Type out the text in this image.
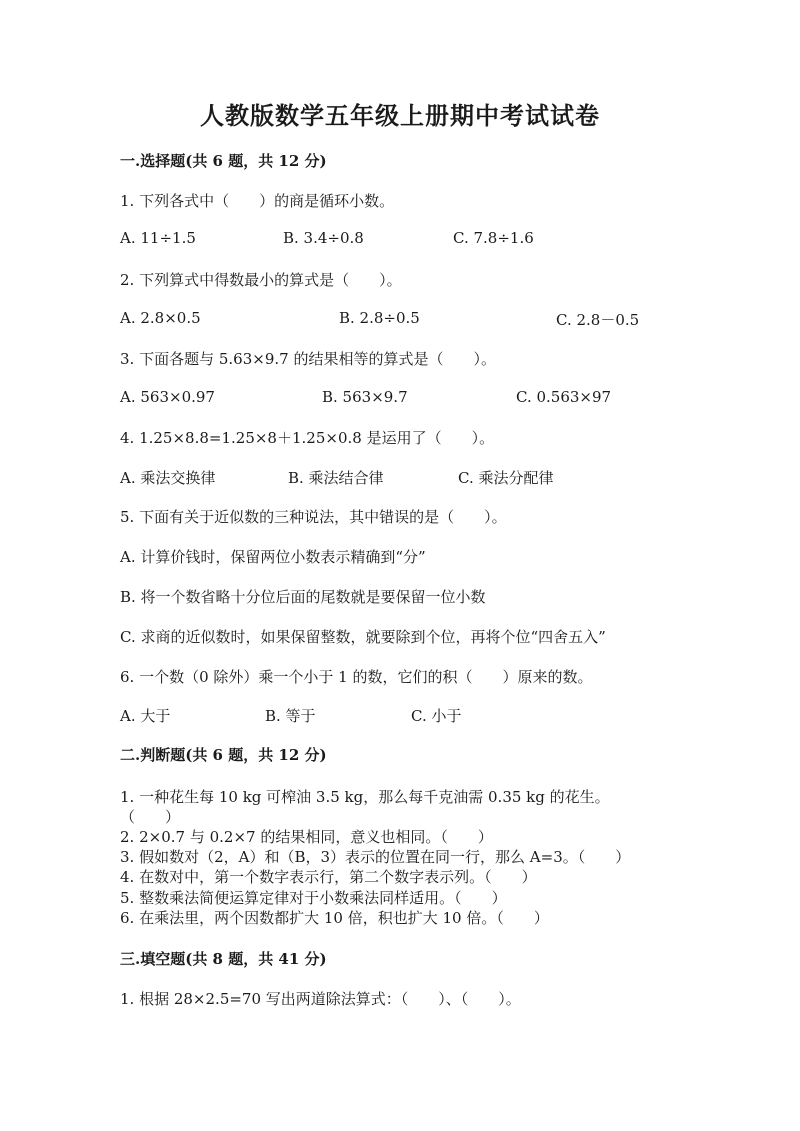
人教版数学五年级上册期中考试试卷
一.选择题(共 6 题，共 12 分)
1. 下列各式中（　　）的商是循环小数。
A. 11÷1.5	B. 3.4÷0.8	C. 7.8÷1.6
2. 下列算式中得数最小的算式是（　　）。
A. 2.8×0.5	B. 2.8÷0.5	C. 2.8－0.5
3. 下面各题与 5.63×9.7 的结果相等的算式是（　　）。
A. 563×0.97	B. 563×9.7	C. 0.563×97
4. 1.25×8.8=1.25×8＋1.25×0.8 是运用了（　　）。
A. 乘法交换律	B. 乘法结合律	C. 乘法分配律
5. 下面有关于近似数的三种说法，其中错误的是（　　）。
A. 计算价钱时，保留两位小数表示精确到“分”
B. 将一个数省略十分位后面的尾数就是要保留一位小数
C. 求商的近似数时，如果保留整数，就要除到个位，再将个位“四舍五入”
6. 一个数（0 除外）乘一个小于 1 的数，它们的积（　　）原来的数。
A. 大于	B. 等于	C. 小于
二.判断题(共 6 题，共 12 分)
1. 一种花生每 10 kg 可榨油 3.5 kg，那么每千克油需 0.35 kg 的花生。
（　　）
2. 2×0.7 与 0.2×7 的结果相同，意义也相同。（　　）
3. 假如数对（2，A）和（B，3）表示的位置在同一行，那么 A=3。（　　）
4. 在数对中，第一个数字表示行，第二个数字表示列。（　　）
5. 整数乘法简便运算定律对于小数乘法同样适用。（　　）
6. 在乘法里，两个因数都扩大 10 倍，积也扩大 10 倍。（　　）
三.填空题(共 8 题，共 41 分)
1. 根据 28×2.5=70 写出两道除法算式：（　　）、（　　）。
